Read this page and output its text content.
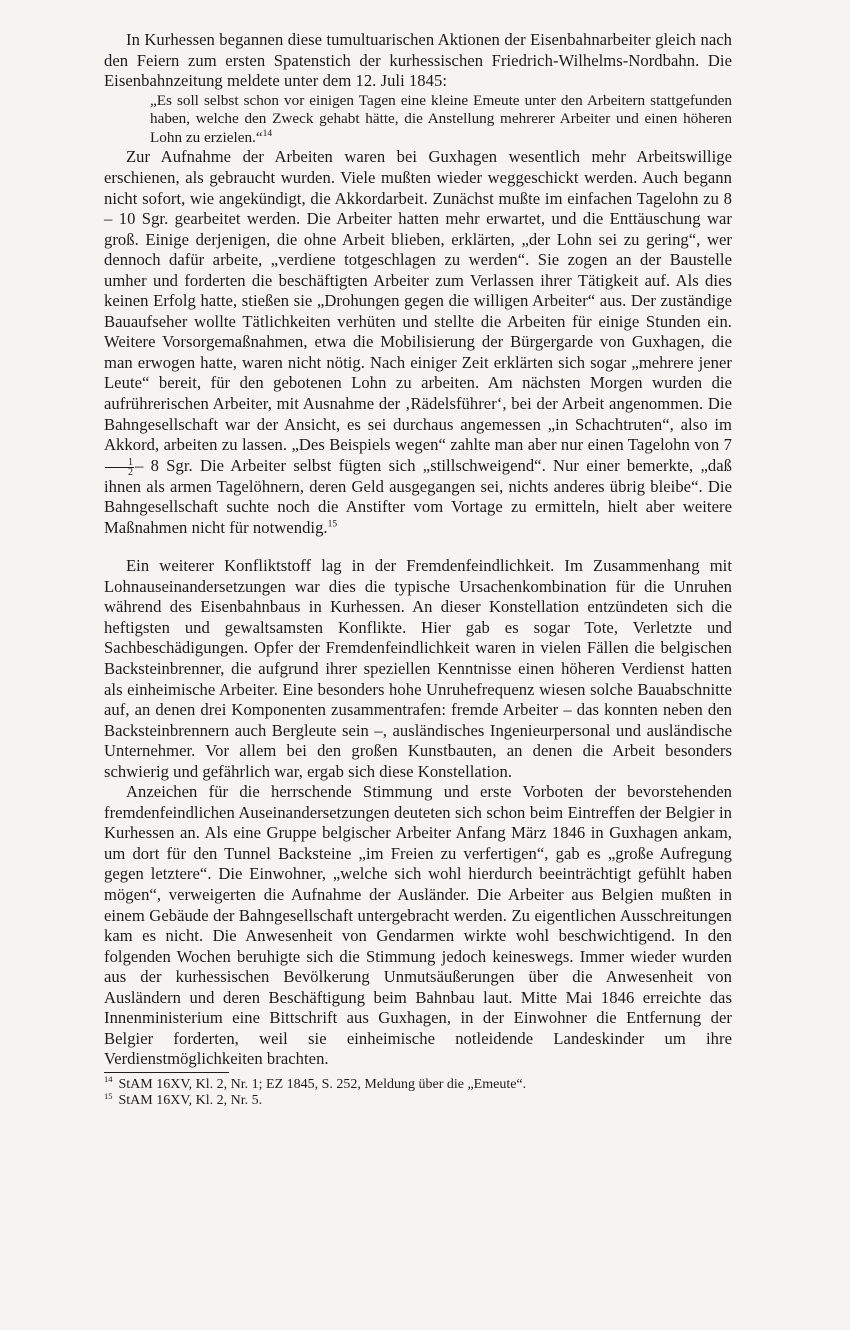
In Kurhessen begannen diese tumultuarischen Aktionen der Eisenbahnarbeiter gleich nach den Feiern zum ersten Spatenstich der kurhessischen Friedrich-Wilhelms-Nordbahn. Die Eisenbahnzeitung meldete unter dem 12. Juli 1845:

„Es soll selbst schon vor einigen Tagen eine kleine Emeute unter den Arbeitern stattgefunden haben, welche den Zweck gehabt hätte, die Anstellung mehrerer Arbeiter und einen höheren Lohn zu erzielen.“$^{14}$

Zur Aufnahme der Arbeiten waren bei Guxhagen wesentlich mehr Arbeitswillige erschienen, als gebraucht wurden. Viele mußten wieder weggeschickt werden. Auch begann nicht sofort, wie angekündigt, die Akkordarbeit. Zunächst mußte im einfachen Tagelohn zu 8 – 10 Sgr. gearbeitet werden. Die Arbeiter hatten mehr erwartet, und die Enttäuschung war groß. Einige derjenigen, die ohne Arbeit blieben, erklärten, „der Lohn sei zu gering“, wer dennoch dafür arbeite, „verdiene totgeschlagen zu werden“. Sie zogen an der Baustelle umher und forderten die beschäftigten Arbeiter zum Verlassen ihrer Tätigkeit auf. Als dies keinen Erfolg hatte, stießen sie „Drohungen gegen die willigen Arbeiter“ aus. Der zuständige Bauaufseher wollte Tätlichkeiten verhüten und stellte die Arbeiten für einige Stunden ein. Weitere Vorsorgemaßnahmen, etwa die Mobilisierung der Bürgergarde von Guxhagen, die man erwogen hatte, waren nicht nötig. Nach einiger Zeit erklärten sich sogar „mehrere jener Leute“ bereit, für den gebotenen Lohn zu arbeiten. Am nächsten Morgen wurden die aufrührerischen Arbeiter, mit Ausnahme der ‚Rädelsführer‘, bei der Arbeit angenommen. Die Bahngesellschaft war der Ansicht, es sei durchaus angemessen „in Schachtruten“, also im Akkord, arbeiten zu lassen. „Des Beispiels wegen“ zahlte man aber nur einen Tagelohn von 7
$\frac{1}{2} - 8$ Sgr. Die Arbeiter selbst fügten sich „stillschweigend“. Nur einer bemerkte, „daß ihnen als armen Tagelöhnern, deren Geld ausgegangen sei, nichts anderes übrig bleibe“. Die Bahngesellschaft suchte noch die Anstifter vom Vortage zu ermitteln, hielt aber weitere Maßnahmen nicht für notwendig.$^{15}$

Ein weiterer Konfliktstoff lag in der Fremdenfeindlichkeit. Im Zusammenhang mit Lohnauseinandersetzungen war dies die typische Ursachenkombination für die Unruhen während des Eisenbahnbaus in Kurhessen. An dieser Konstellation entzündeten sich die heftigsten und gewaltsamsten Konflikte. Hier gab es sogar Tote, Verletzte und Sachbeschädigungen. Opfer der Fremdenfeindlichkeit waren in vielen Fällen die belgischen Backsteinbrenner, die aufgrund ihrer speziellen Kenntnisse einen höheren Verdienst hatten als einheimische Arbeiter. Eine besonders hohe Unruhefrequenz wiesen solche Bauabschnitte auf, an denen drei Komponenten zusammentrafen: fremde Arbeiter – das konnten neben den Backsteinbrennern auch Bergleute sein –, ausländisches Ingenieurpersonal und ausländische Unternehmer. Vor allem bei den großen Kunstbauten, an denen die Arbeit besonders schwierig und gefährlich war, ergab sich diese Konstellation.

Anzeichen für die herrschende Stimmung und erste Vorboten der bevorstehenden fremdenfeindlichen Auseinandersetzungen deuteten sich schon beim Eintreffen der Belgier in Kurhessen an. Als eine Gruppe belgischer Arbeiter Anfang März 1846 in Guxhagen ankam, um dort für den Tunnel Backsteine „im Freien zu verfertigen“, gab es „große Aufregung gegen letztere“. Die Einwohner, „welche sich wohl hierdurch beeinträchtigt gefühlt haben mögen“, verweigerten die Aufnahme der Ausländer. Die Arbeiter aus Belgien mußten in einem Gebäude der Bahngesellschaft untergebracht werden. Zu eigentlichen Ausschreitungen kam es nicht. Die Anwesenheit von Gendarmen wirkte wohl beschwichtigend. In den folgenden Wochen beruhigte sich die Stimmung jedoch keineswegs. Immer wieder wurden aus der kurhessischen Bevölkerung Unmutsäußerungen über die Anwesenheit von Ausländern und deren Beschäftigung beim Bahnbau laut. Mitte Mai 1846 erreichte das Innenministerium eine Bittschrift aus Guxhagen, in der Einwohner die Entfernung der Belgier forderten, weil sie einheimische notleidende Landeskinder um ihre Verdienstmöglichkeiten brachten.

$^{14}$ StAM 16XV, Kl. 2, Nr. 1; EZ 1845, S. 252, Meldung über die „Emeute“.

$^{15}$ StAM 16XV, Kl. 2, Nr. 5.
